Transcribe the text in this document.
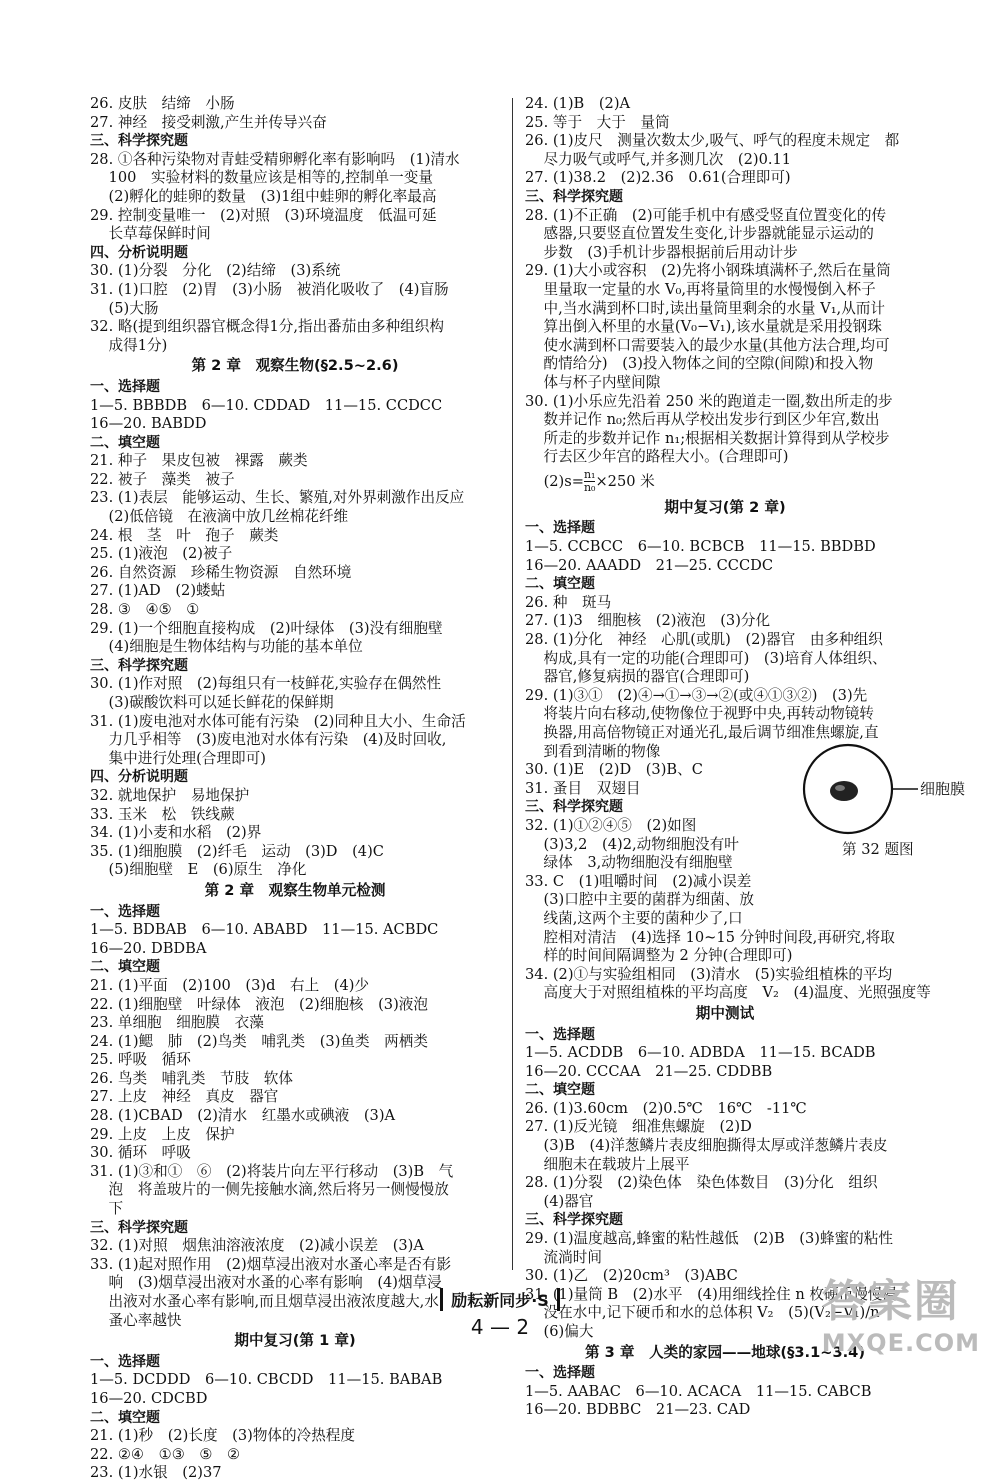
26. 皮肤　结缔　小肠
27. 神经　接受刺激,产生并传导兴奋
三、科学探究题
28. ①各种污染物对青蛙受精卵孵化率有影响吗　(1)清水
100　实验材料的数量应该是相等的,控制单一变量
(2)孵化的蛙卵的数量　(3)1组中蛙卵的孵化率最高
29. 控制变量唯一　(2)对照　(3)环境温度　低温可延
长草莓保鲜时间
四、分析说明题
30. (1)分裂　分化　(2)结缔　(3)系统
31. (1)口腔　(2)胃　(3)小肠　被消化吸收了　(4)盲肠
(5)大肠
32. 略(提到组织器官概念得1分,指出番茄由多种组织构
成得1分)
第 2 章　观察生物(§2.5~2.6)
一、选择题
1—5. BBBDB　6—10. CDDAD　11—15. CCDCC
16—20. BABDD
二、填空题
21. 种子　果皮包被　裸露　蕨类
22. 被子　藻类　被子
23. (1)表层　能够运动、生长、繁殖,对外界刺激作出反应
(2)低倍镜　在液滴中放几丝棉花纤维
24. 根　茎　叶　孢子　蕨类
25. (1)液泡　(2)被子
26. 自然资源　珍稀生物资源　自然环境
27. (1)AD　(2)蝼蛄
28. ③　④⑤　①
29. (1)一个细胞直接构成　(2)叶绿体　(3)没有细胞壁
(4)细胞是生物体结构与功能的基本单位
三、科学探究题
30. (1)作对照　(2)每组只有一枝鲜花,实验存在偶然性
(3)碳酸饮料可以延长鲜花的保鲜期
31. (1)废电池对水体可能有污染　(2)同种且大小、生命活
力几乎相等　(3)废电池对水体有污染　(4)及时回收,
集中进行处理(合理即可)
四、分析说明题
32. 就地保护　易地保护
33. 玉米　松　铁线蕨
34. (1)小麦和水稻　(2)界
35. (1)细胞膜　(2)纤毛　运动　(3)D　(4)C
(5)细胞壁　E　(6)原生　净化
第 2 章　观察生物单元检测
一、选择题
1—5. BDBAB　6—10. ABABD　11—15. ACBDC
16—20. DBDBA
二、填空题
21. (1)平面　(2)100　(3)d　右上　(4)少
22. (1)细胞壁　叶绿体　液泡　(2)细胞核　(3)液泡
23. 单细胞　细胞膜　衣藻
24. (1)鳃　肺　(2)鸟类　哺乳类　(3)鱼类　两栖类
25. 呼吸　循环
26. 鸟类　哺乳类　节肢　软体
27. 上皮　神经　真皮　器官
28. (1)CBAD　(2)清水　红墨水或碘液　(3)A
29. 上皮　上皮　保护
30. 循环　呼吸
31. (1)③和①　⑥　(2)将装片向左平行移动　(3)B　气
泡　将盖玻片的一侧先接触水滴,然后将另一侧慢慢放
下
三、科学探究题
32. (1)对照　烟焦油溶液浓度　(2)减小误差　(3)A
33. (1)起对照作用　(2)烟草浸出液对水蚤心率是否有影
响　(3)烟草浸出液对水蚤的心率有影响　(4)烟草浸
出液对水蚤心率有影响,而且烟草浸出液浓度越大,水
蚤心率越快
期中复习(第 1 章)
一、选择题
1—5. DCDDD　6—10. CBCDD　11—15. BABAB
16—20. CDCBD
二、填空题
21. (1)秒　(2)长度　(3)物体的冷热程度
22. ②④　①③　⑤　②
23. (1)水银　(2)37
24. (1)B　(2)A
25. 等于　大于　量筒
26. (1)皮尺　测量次数太少,吸气、呼气的程度未规定　都
尽力吸气或呼气,并多测几次　(2)0.11
27. (1)38.2　(2)2.36　0.61(合理即可)
三、科学探究题
28. (1)不正确　(2)可能手机中有感受竖直位置变化的传
感器,只要竖直位置发生变化,计步器就能显示运动的
步数　(3)手机计步器根据前后用动计步
29. (1)大小或容积　(2)先将小钢珠填满杯子,然后在量筒
里量取一定量的水 V₀,再将量筒里的水慢慢倒入杯子
中,当水满到杯口时,读出量筒里剩余的水量 V₁,从而计
算出倒入杯里的水量(V₀−V₁),该水量就是采用投钢珠
使水满到杯口需要装入的最少水量(其他方法合理,均可
酌情给分)　(3)投入物体之间的空隙(间隙)和投入物
体与杯子内壁间隙
30. (1)小乐应先沿着 250 米的跑道走一圈,数出所走的步
数并记作 n₀;然后再从学校出发步行到区少年宫,数出
所走的步数并记作 n₁;根据相关数据计算得到从学校步
行去区少年宫的路程大小。(合理即可)
$(2)s= \frac{\text{n₁}}{\text{n₀}} \times 250$ 米
期中复习(第 2 章)
一、选择题
1—5. CCBCC　6—10. BCBCB　11—15. BBDBD
16—20. AAADD　21—25. CCCDC
二、填空题
26. 种　斑马
27. (1)3　细胞核　(2)液泡　(3)分化
28. (1)分化　神经　心肌(或肌)　(2)器官　由多种组织
构成,具有一定的功能(合理即可)　(3)培育人体组织、
器官,修复病损的器官(合理即可)
29. (1)③①　(2)④→①→③→②(或④①③②)　(3)先
将装片向右移动,使物像位于视野中央,再转动物镜转
换器,用高倍物镜正对通光孔,最后调节细准焦螺旋,直
到看到清晰的物像
30. (1)E　(2)D　(3)B、C
31. 蚤目　双翅目
三、科学探究题
32. (1)①②④⑤　(2)如图
(3)3,2　(4)2,动物细胞没有叶
绿体　3,动物细胞没有细胞壁
33. C　(1)咀嚼时间　(2)减小误差
(3)口腔中主要的菌群为细菌、放
线菌,这两个主要的菌种少了,口
腔相对清洁　(4)选择 10~15 分钟时间段,再研究,将取
样的时间间隔调整为 2 分钟(合理即可)
34. (2)①与实验组相同　(3)清水　(5)实验组植株的平均
高度大于对照组植株的平均高度　V₂　(4)温度、光照强度等
期中测试
一、选择题
1—5. ACDDB　6—10. ADBDA　11—15. BCADB
16—20. CCCAA　21—25. CDDBB
二、填空题
26. (1)3.60cm　(2)0.5℃　16℃　-11℃
27. (1)反光镜　细准焦螺旋　(2)D
(3)B　(4)洋葱鳞片表皮细胞撕得太厚或洋葱鳞片表皮
细胞未在载玻片上展平
28. (1)分裂　(2)染色体　染色体数目　(3)分化　组织
(4)器官
三、科学探究题
29. (1)温度越高,蜂蜜的粘性越低　(2)B　(3)蜂蜜的粘性
流淌时间
30. (1)乙　(2)20cm³　(3)ABC
31. (1)量筒 B　(2)水平　(4)用细线拴住 n 枚硬币慢慢浸
没在水中,记下硬币和水的总体积 V₂　(5)(V₂−V₁)/n
(6)偏大
第 3 章　人类的家园——地球(§3.1~3.4)
一、选择题
1—5. AABAC　6—10. ACACA　11—15. CABCB
16—20. BDBBC　21—23. CAD
细胞膜
第 32 题图
励耘新同步·S
4 — 2	答案圈
MXQE.COM
